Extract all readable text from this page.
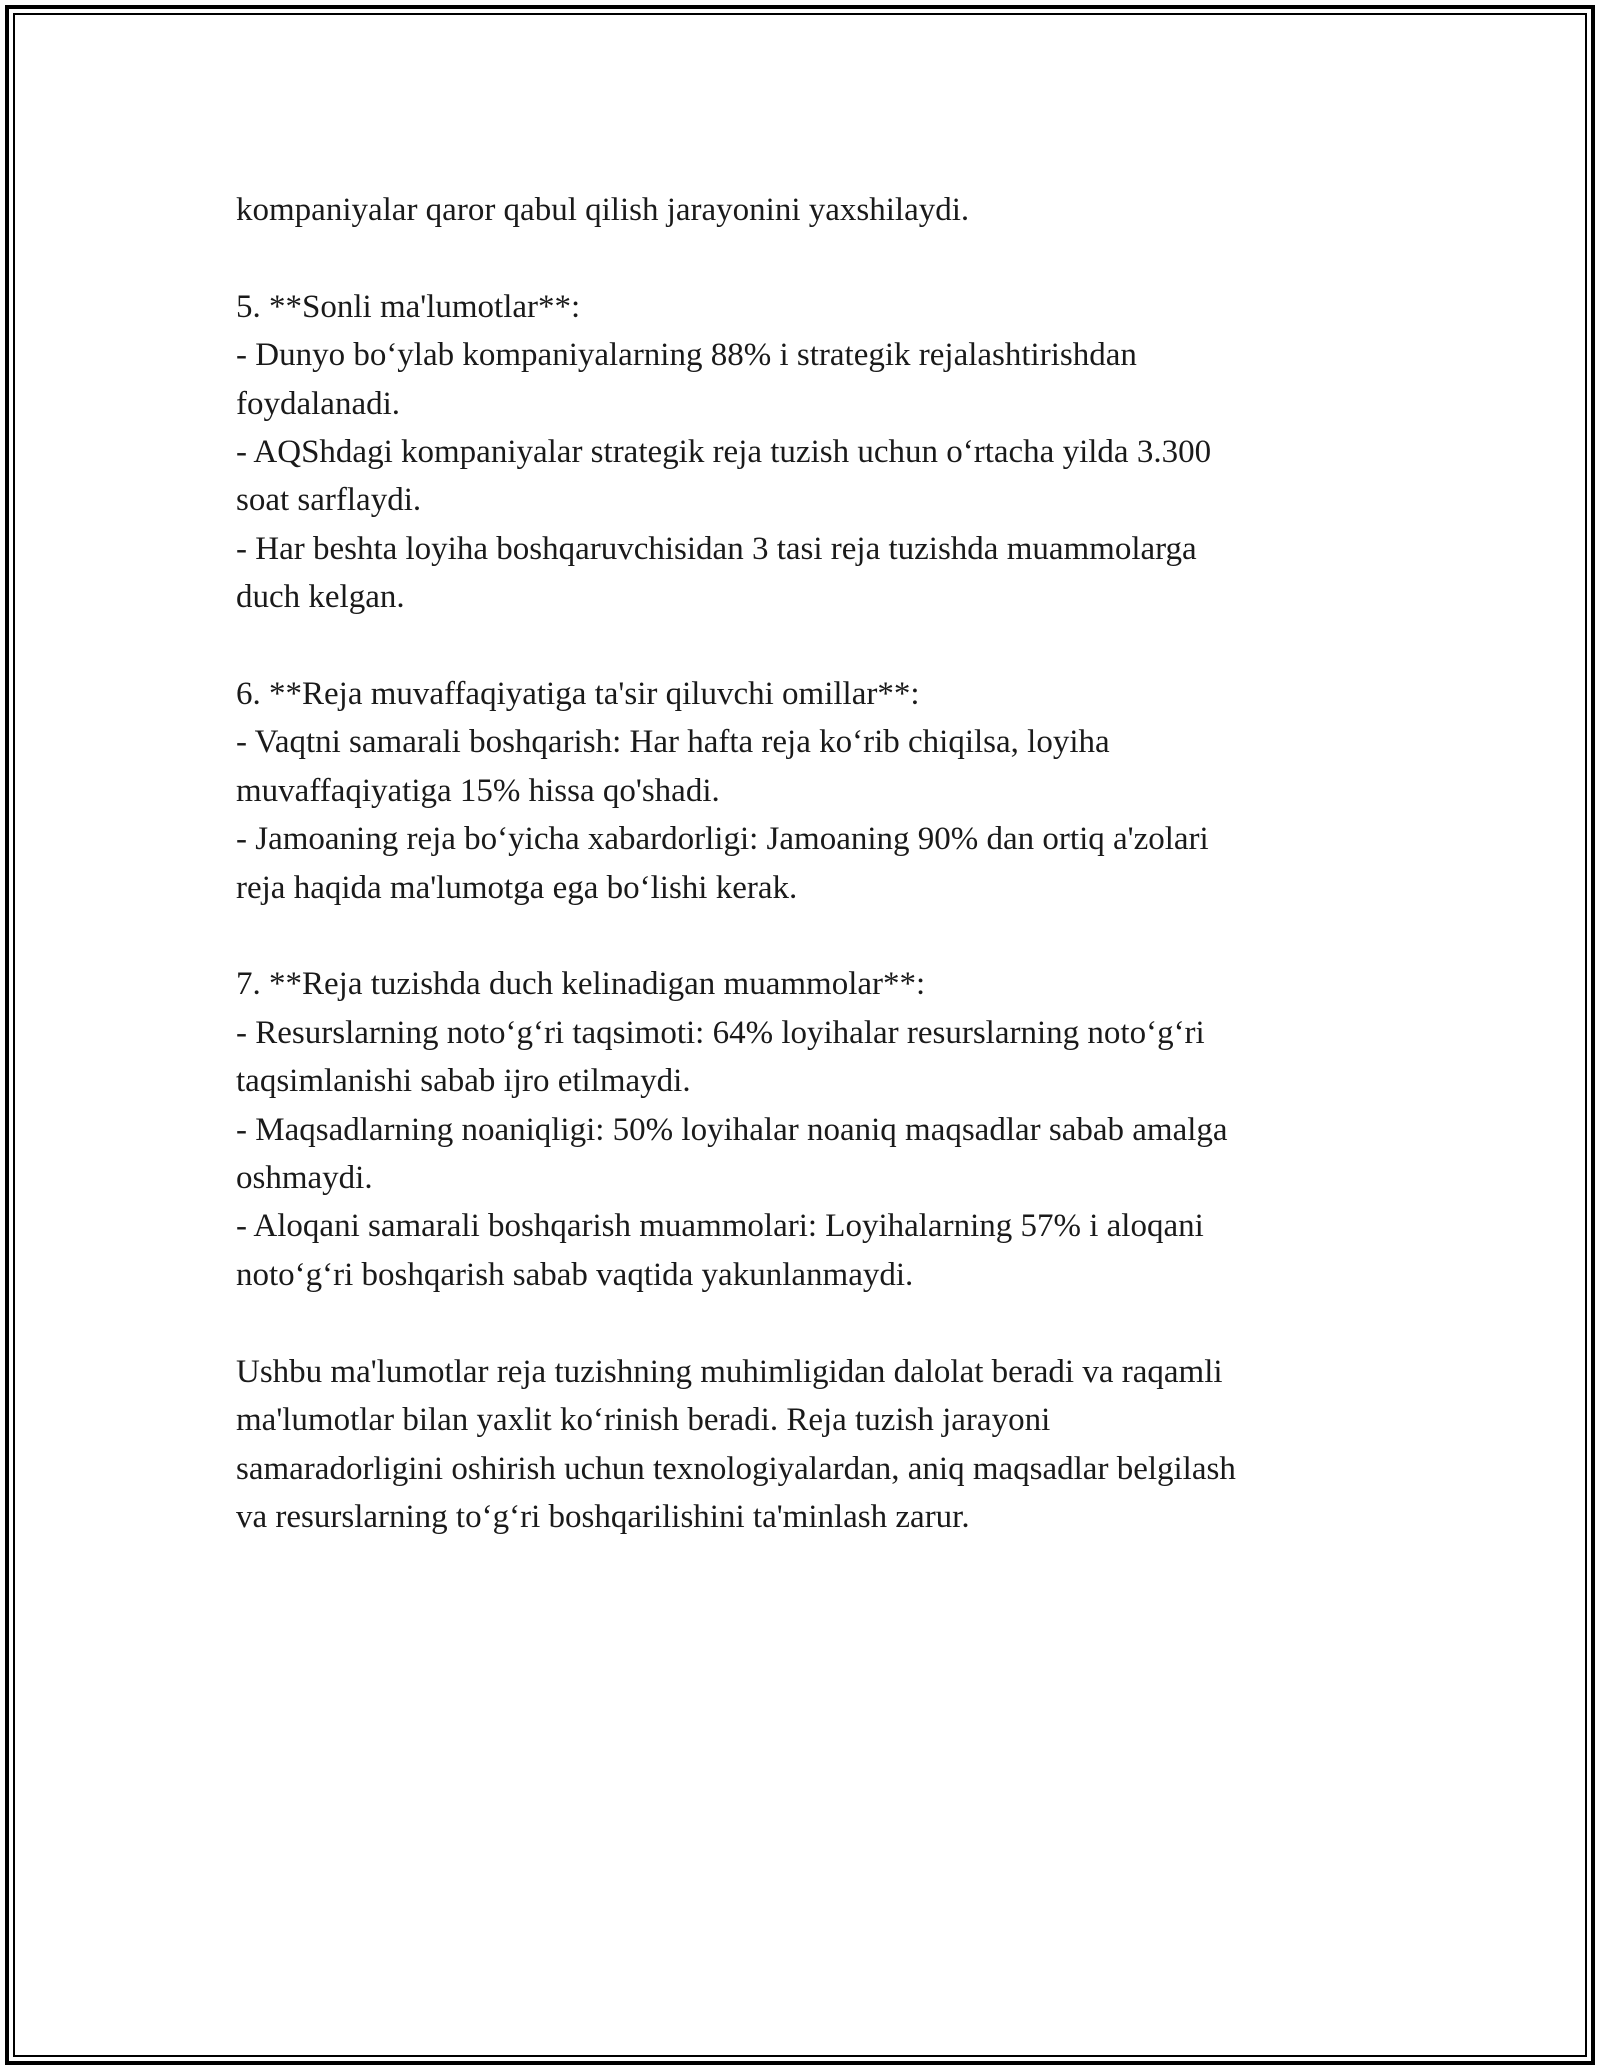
kompaniyalar qaror qabul qilish jarayonini yaxshilaydi.

5. **Sonli ma'lumotlar**:

- Dunyo bo‘ylab kompaniyalarning 88% i strategik rejalashtirishdan

foydalanadi.

- AQShdagi kompaniyalar strategik reja tuzish uchun o‘rtacha yilda 3.300

soat sarflaydi.

- Har beshta loyiha boshqaruvchisidan 3 tasi reja tuzishda muammolarga

duch kelgan.

6. **Reja muvaffaqiyatiga ta'sir qiluvchi omillar**:

- Vaqtni samarali boshqarish: Har hafta reja ko‘rib chiqilsa, loyiha

muvaffaqiyatiga 15% hissa qo'shadi.

- Jamoaning reja bo‘yicha xabardorligi: Jamoaning 90% dan ortiq a'zolari

reja haqida ma'lumotga ega bo‘lishi kerak.

7. **Reja tuzishda duch kelinadigan muammolar**:

- Resurslarning noto‘g‘ri taqsimoti: 64% loyihalar resurslarning noto‘g‘ri

taqsimlanishi sabab ijro etilmaydi.

- Maqsadlarning noaniqligi: 50% loyihalar noaniq maqsadlar sabab amalga

oshmaydi.

- Aloqani samarali boshqarish muammolari: Loyihalarning 57% i aloqani

noto‘g‘ri boshqarish sabab vaqtida yakunlanmaydi.

Ushbu ma'lumotlar reja tuzishning muhimligidan dalolat beradi va raqamli

ma'lumotlar bilan yaxlit ko‘rinish beradi. Reja tuzish jarayoni

samaradorligini oshirish uchun texnologiyalardan, aniq maqsadlar belgilash

va resurslarning to‘g‘ri boshqarilishini ta'minlash zarur.
